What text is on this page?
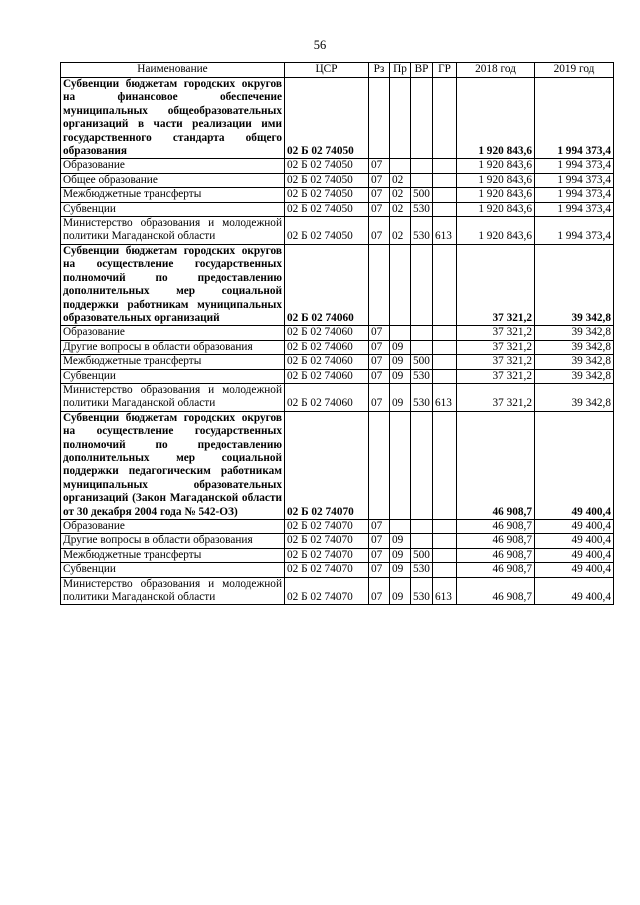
56
Наименование	ЦСР	Рз	Пр	ВР	ГР	2018 год	2019 год
Субвенции бюджетам городских округов на финансовое обеспечение муниципальных общеобразовательных организаций в части реализации ими государственного стандарта общего образования	02 Б 02 74050					1 920 843,6	1 994 373,4
Образование	02 Б 02 74050	07				1 920 843,6	1 994 373,4
Общее образование	02 Б 02 74050	07	02			1 920 843,6	1 994 373,4
Межбюджетные трансферты	02 Б 02 74050	07	02	500		1 920 843,6	1 994 373,4
Субвенции	02 Б 02 74050	07	02	530		1 920 843,6	1 994 373,4
Министерство образования и молодежной политики Магаданской области	02 Б 02 74050	07	02	530	613	1 920 843,6	1 994 373,4
Субвенции бюджетам городских округов на осуществление государственных полномочий по предоставлению дополнительных мер социальной поддержки работникам муниципальных образовательных организаций	02 Б 02 74060					37 321,2	39 342,8
Образование	02 Б 02 74060	07				37 321,2	39 342,8
Другие вопросы в области образования	02 Б 02 74060	07	09			37 321,2	39 342,8
Межбюджетные трансферты	02 Б 02 74060	07	09	500		37 321,2	39 342,8
Субвенции	02 Б 02 74060	07	09	530		37 321,2	39 342,8
Министерство образования и молодежной политики Магаданской области	02 Б 02 74060	07	09	530	613	37 321,2	39 342,8
Субвенции бюджетам городских округов на осуществление государственных полномочий по предоставлению дополнительных мер социальной поддержки педагогическим работникам муниципальных образовательных организаций (Закон Магаданской области от 30 декабря 2004 года № 542-ОЗ)	02 Б 02 74070					46 908,7	49 400,4
Образование	02 Б 02 74070	07				46 908,7	49 400,4
Другие вопросы в области образования	02 Б 02 74070	07	09			46 908,7	49 400,4
Межбюджетные трансферты	02 Б 02 74070	07	09	500		46 908,7	49 400,4
Субвенции	02 Б 02 74070	07	09	530		46 908,7	49 400,4
Министерство образования и молодежной политики Магаданской области	02 Б 02 74070	07	09	530	613	46 908,7	49 400,4
